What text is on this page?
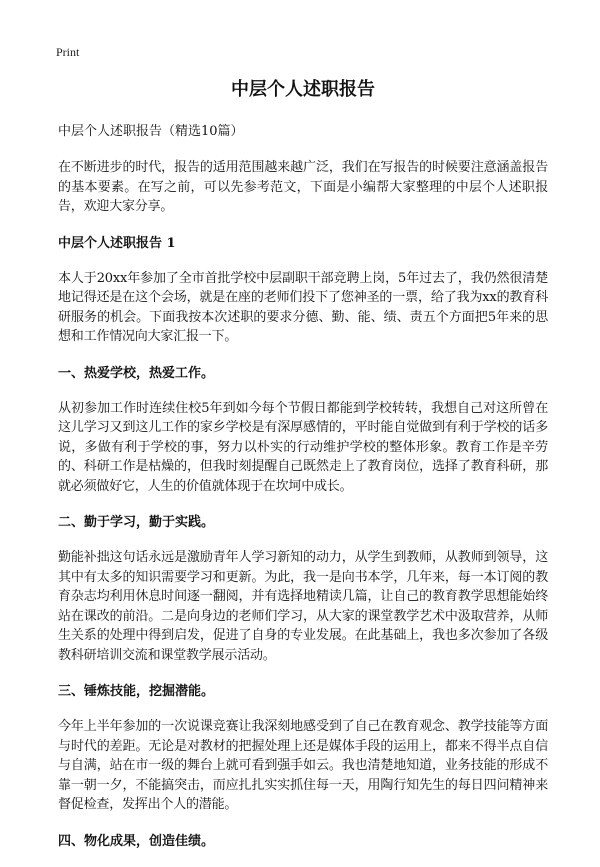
Print
中层个人述职报告
中层个人述职报告（精选10篇）
在不断进步的时代，报告的适用范围越来越广泛，我们在写报告的时候要注意涵盖报告的基本要素。在写之前，可以先参考范文，下面是小编帮大家整理的中层个人述职报告，欢迎大家分享。
中层个人述职报告 1
本人于20xx年参加了全市首批学校中层副职干部竞聘上岗，5年过去了，我仍然很清楚地记得还是在这个会场，就是在座的老师们投下了您神圣的一票，给了我为xx的教育科研服务的机会。下面我按本次述职的要求分德、勤、能、绩、责五个方面把5年来的思想和工作情况向大家汇报一下。
一、热爱学校，热爱工作。
从初参加工作时连续住校5年到如今每个节假日都能到学校转转，我想自己对这所曾在这儿学习又到这儿工作的家乡学校是有深厚感情的，平时能自觉做到有利于学校的话多说，多做有利于学校的事，努力以朴实的行动维护学校的整体形象。教育工作是辛劳的、科研工作是枯燥的，但我时刻提醒自己既然走上了教育岗位，选择了教育科研，那就必须做好它，人生的价值就体现于在坎坷中成长。
二、勤于学习，勤于实践。
勤能补拙这句话永远是激励青年人学习新知的动力，从学生到教师，从教师到领导，这其中有太多的知识需要学习和更新。为此，我一是向书本学，几年来，每一本订阅的教育杂志均利用休息时间逐一翻阅，并有选择地精读几篇，让自己的教育教学思想能始终站在课改的前沿。二是向身边的老师们学习，从大家的课堂教学艺术中汲取营养，从师生关系的处理中得到启发，促进了自身的专业发展。在此基础上，我也多次参加了各级教科研培训交流和课堂教学展示活动。
三、锤炼技能，挖掘潜能。
今年上半年参加的一次说课竞赛让我深刻地感受到了自己在教育观念、教学技能等方面与时代的差距。无论是对教材的把握处理上还是媒体手段的运用上，都来不得半点自信与自满，站在市一级的舞台上就可看到强手如云。我也清楚地知道，业务技能的形成不靠一朝一夕，不能搞突击，而应扎扎实实抓住每一天，用陶行知先生的每日四问精神来督促检查，发挥出个人的潜能。
四、物化成果，创造佳绩。
